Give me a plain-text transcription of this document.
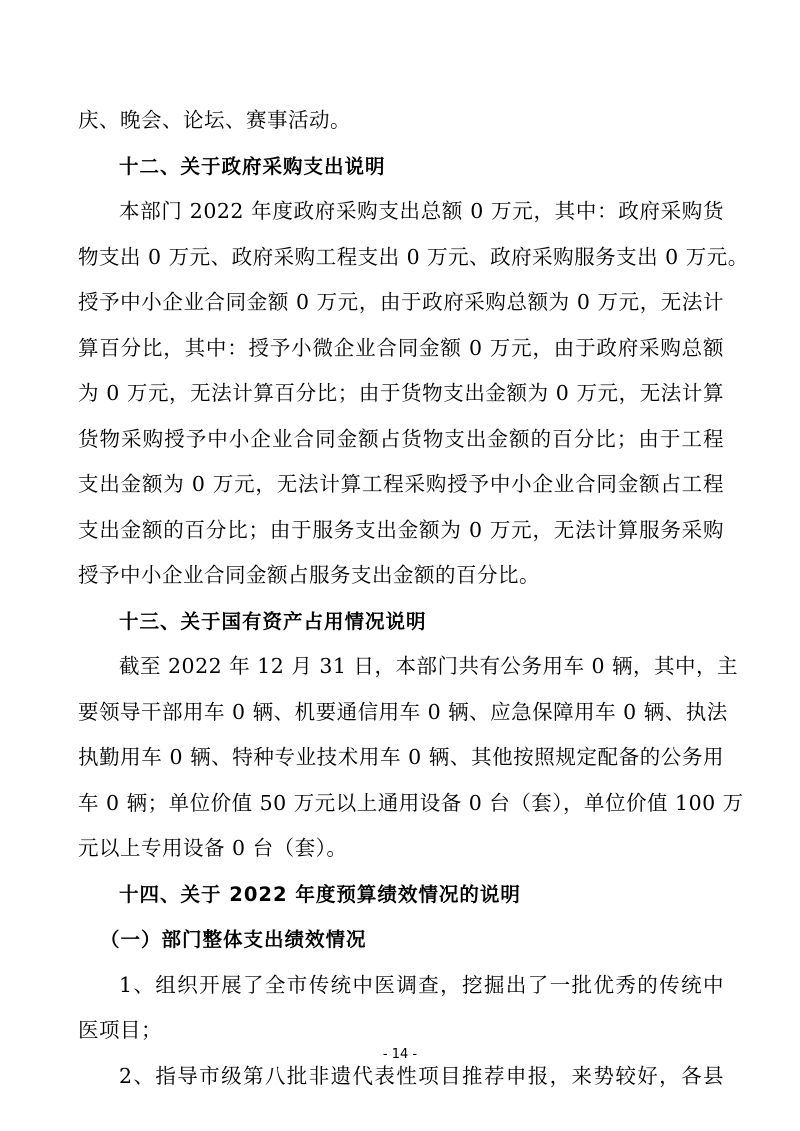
庆、晚会、论坛、赛事活动。
十二、关于政府采购支出说明
本部门 2022 年度政府采购支出总额 0 万元，其中：政府采购货
物支出 0 万元、政府采购工程支出 0 万元、政府采购服务支出 0 万元。
授予中小企业合同金额 0 万元，由于政府采购总额为 0 万元，无法计
算百分比，其中：授予小微企业合同金额 0 万元，由于政府采购总额
为 0 万元，无法计算百分比；由于货物支出金额为 0 万元，无法计算
货物采购授予中小企业合同金额占货物支出金额的百分比；由于工程
支出金额为 0 万元，无法计算工程采购授予中小企业合同金额占工程
支出金额的百分比；由于服务支出金额为 0 万元，无法计算服务采购
授予中小企业合同金额占服务支出金额的百分比。
十三、关于国有资产占用情况说明
截至 2022 年 12 月 31 日，本部门共有公务用车 0 辆，其中，主
要领导干部用车 0 辆、机要通信用车 0 辆、应急保障用车 0 辆、执法
执勤用车 0 辆、特种专业技术用车 0 辆、其他按照规定配备的公务用
车 0 辆；单位价值 50 万元以上通用设备 0 台（套），单位价值 100 万
元以上专用设备 0 台（套）。
十四、关于 2022 年度预算绩效情况的说明
（一）部门整体支出绩效情况
1、组织开展了全市传统中医调查，挖掘出了一批优秀的传统中
医项目；
2、指导市级第八批非遗代表性项目推荐申报，来势较好，各县
- 14 -
